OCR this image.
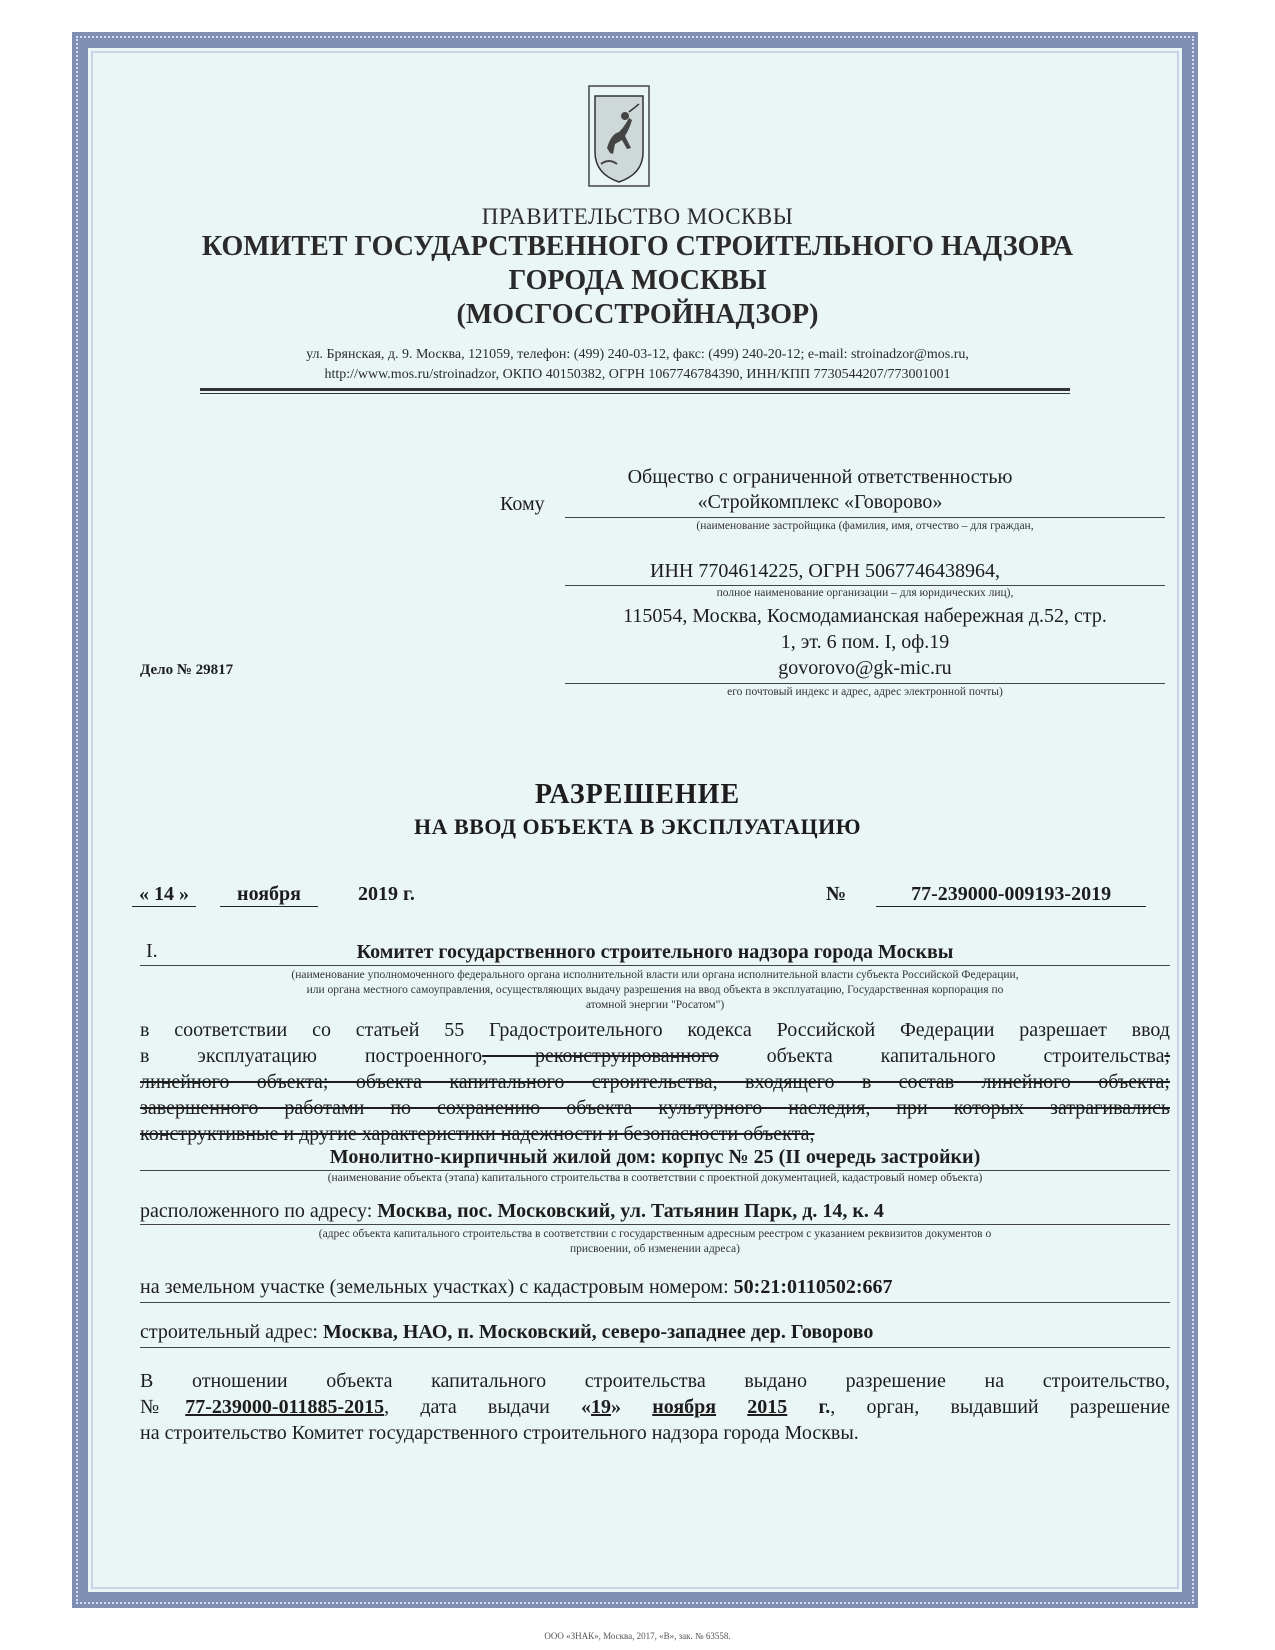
ПРАВИТЕЛЬСТВО МОСКВЫ
КОМИТЕТ ГОСУДАРСТВЕННОГО СТРОИТЕЛЬНОГО НАДЗОРА
ГОРОДА МОСКВЫ
(МОСГОССТРОЙНАДЗОР)
ул. Брянская, д. 9. Москва, 121059, телефон: (499) 240-03-12, факс: (499) 240-20-12; e-mail: stroinadzor@mos.ru,
http://www.mos.ru/stroinadzor, ОКПО 40150382, ОГРН 1067746784390, ИНН/КПП 7730544207/773001001
Кому
Общество с ограниченной ответственностью
«Стройкомплекс «Говорово»
(наименование застройщика (фамилия, имя, отчество – для граждан,
ИНН 7704614225, ОГРН 5067746438964,
полное наименование организации – для юридических лиц),
115054, Москва, Космодамианская набережная д.52, стр.
1, эт. 6 пом. I, оф.19
govorovo@gk-mic.ru
его почтовый индекс и адрес, адрес электронной почты)
Дело № 29817
РАЗРЕШЕНИЕ
НА ВВОД ОБЪЕКТА В ЭКСПЛУАТАЦИЮ
« 14 » ноября	2019 г.	№	77-239000-009193-2019
I.	Комитет государственного строительного надзора города Москвы
(наименование уполномоченного федерального органа исполнительной власти или органа исполнительной власти субъекта Российской Федерации,
или органа местного самоуправления, осуществляющих выдачу разрешения на ввод объекта в эксплуатацию, Государственная корпорация по
атомной энергии "Росатом")
в соответствии со статьей 55 Градостроительного кодекса Российской Федерации разрешает ввод
в эксплуатацию построенного, реконструированного объекта капитального строительства;
линейного объекта; объекта капитального строительства, входящего в состав линейного объекта;
завершенного работами по сохранению объекта культурного наследия, при которых затрагивались
конструктивные и другие характеристики надежности и безопасности объекта,
Монолитно-кирпичный жилой дом: корпус № 25 (II очередь застройки)
(наименование объекта (этапа) капитального строительства в соответствии с проектной документацией, кадастровый номер объекта)
расположенного по адресу: Москва, пос. Московский, ул. Татьянин Парк, д. 14, к. 4
(адрес объекта капитального строительства в соответствии с государственным адресным реестром с указанием реквизитов документов о
присвоении, об изменении адреса)
на земельном участке (земельных участках) с кадастровым номером: 50:21:0110502:667
строительный адрес: Москва, НАО, п. Московский, северо-западнее дер. Говорово
В отношении объекта капитального строительства выдано разрешение на строительство,
№77-239000-011885-2015, дата выдачи «19» ноября 2015 г., орган, выдавший разрешение
на строительство Комитет государственного строительного надзора города Москвы.
ООО «ЗНАК», Москва, 2017, «В», зак. № 63558.
